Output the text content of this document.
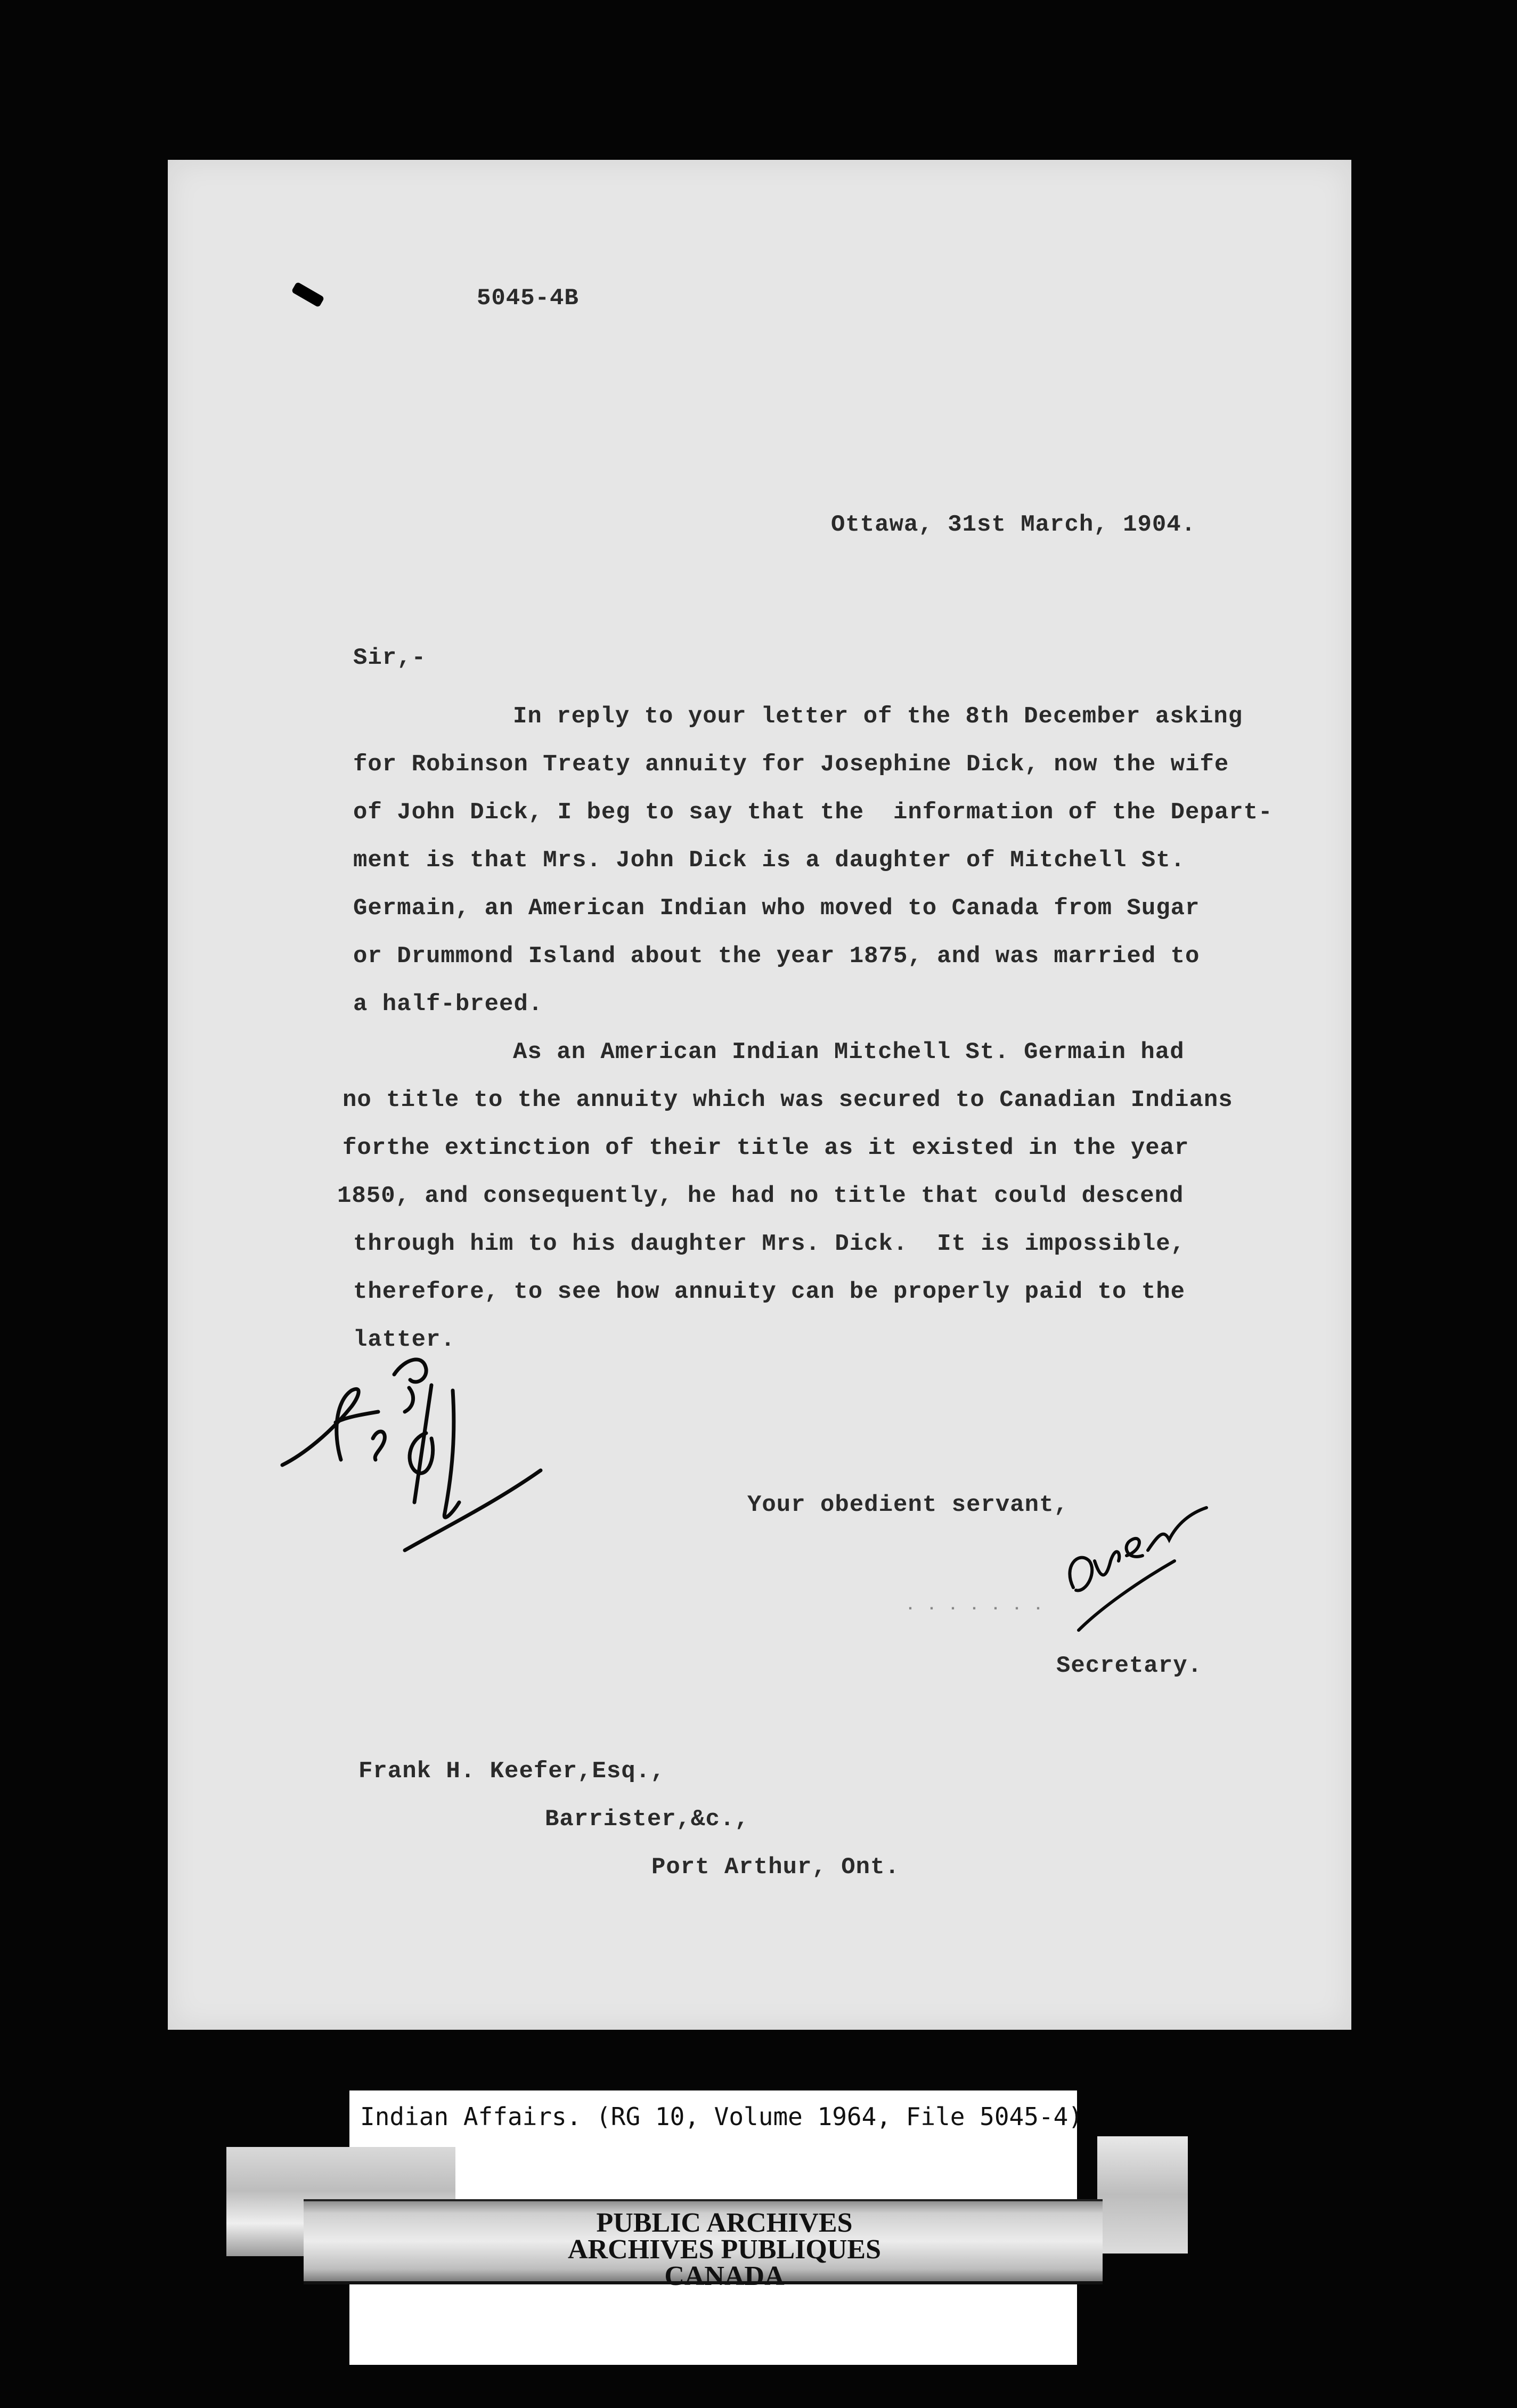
5045-4B
Ottawa, 31st March, 1904.
Sir,-
In reply to your letter of the 8th December asking
for Robinson Treaty annuity for Josephine Dick, now the wife
of John Dick, I beg to say that the  information of the Depart-
ment is that Mrs. John Dick is a daughter of Mitchell St.
Germain, an American Indian who moved to Canada from Sugar
or Drummond Island about the year 1875, and was married to
a half-breed.
As an American Indian Mitchell St. Germain had
no title to the annuity which was secured to Canadian Indians
forthe extinction of their title as it existed in the year
1850, and consequently, he had no title that could descend
through him to his daughter Mrs. Dick.  It is impossible,
therefore, to see how annuity can be properly paid to the
latter.
Your obedient servant,
· · · · · · ·
Secretary.
Frank H. Keefer,Esq.,
Barrister,&c.,
Port Arthur, Ont.
Indian Affairs. (RG 10, Volume 1964, File 5045-4)
PUBLIC ARCHIVES
ARCHIVES PUBLIQUES
CANADA
